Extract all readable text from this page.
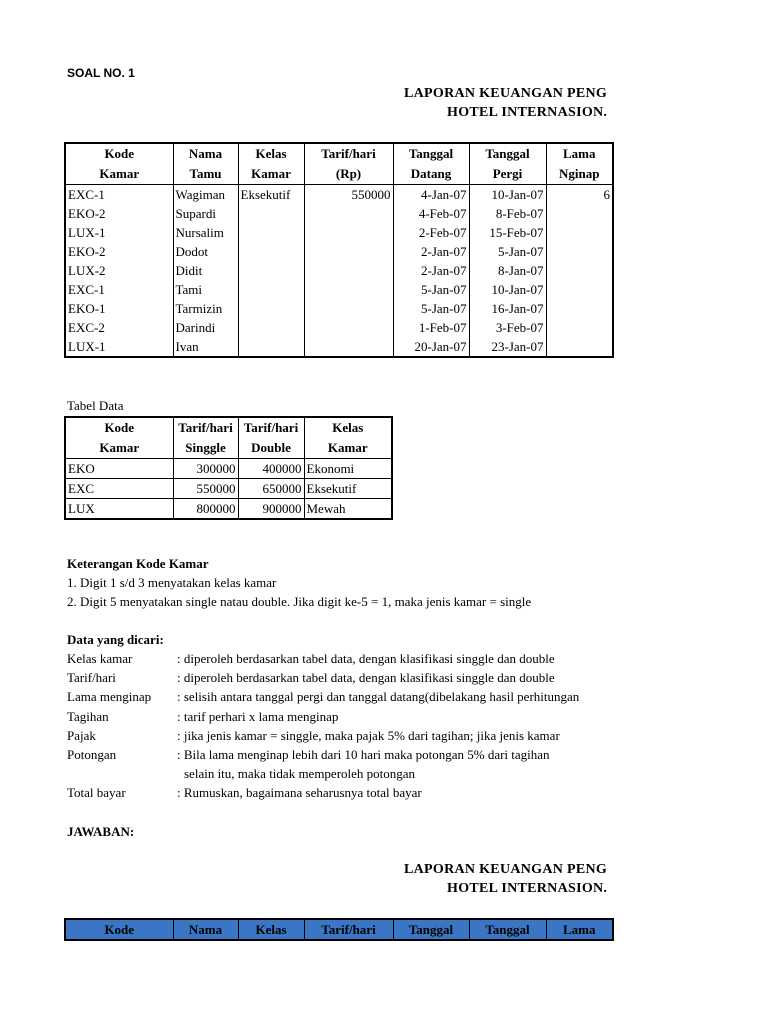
SOAL NO. 1
LAPORAN KEUANGAN PENG
HOTEL INTERNASION.
Kode	Nama	Kelas	Tarif/hari	Tanggal	Tanggal	Lama
Kamar	Tamu	Kamar	(Rp)	Datang	Pergi	Nginap
EXC-1	Wagiman	Eksekutif	550000	4-Jan-07	10-Jan-07	6
EKO-2	Supardi			4-Feb-07	8-Feb-07	
LUX-1	Nursalim			2-Feb-07	15-Feb-07	
EKO-2	Dodot			2-Jan-07	5-Jan-07	
LUX-2	Didit			2-Jan-07	8-Jan-07	
EXC-1	Tami			5-Jan-07	10-Jan-07	
EKO-1	Tarmizin			5-Jan-07	16-Jan-07	
EXC-2	Darindi			1-Feb-07	3-Feb-07	
LUX-1	Ivan			20-Jan-07	23-Jan-07	
Tabel Data
Kode	Tarif/hari	Tarif/hari	Kelas
Kamar	Singgle	Double	Kamar
EKO	300000	400000	Ekonomi
EXC	550000	650000	Eksekutif
LUX	800000	900000	Mewah
Keterangan Kode Kamar
1. Digit 1 s/d 3 menyatakan kelas kamar
2. Digit 5 menyatakan single natau double. Jika digit ke-5 = 1, maka jenis kamar = single
Data yang dicari:
Kelas kamar	: diperoleh berdasarkan tabel data, dengan klasifikasi singgle dan double
Tarif/hari	: diperoleh berdasarkan tabel data, dengan klasifikasi singgle dan double
Lama menginap : selisih antara tanggal pergi dan tanggal datang(dibelakang hasil perhitungan
Tagihan	: tarif perhari x lama menginap
Pajak	: jika jenis kamar = singgle, maka pajak 5% dari tagihan; jika jenis kamar
Potongan	: Bila lama menginap lebih dari 10 hari maka potongan 5% dari tagihan
selain itu, maka tidak memperoleh potongan
Total bayar	: Rumuskan, bagaimana seharusnya total bayar
JAWABAN:
LAPORAN KEUANGAN PENG
HOTEL INTERNASION.
Kode	Nama	Kelas	Tarif/hari	Tanggal	Tanggal	Lama
